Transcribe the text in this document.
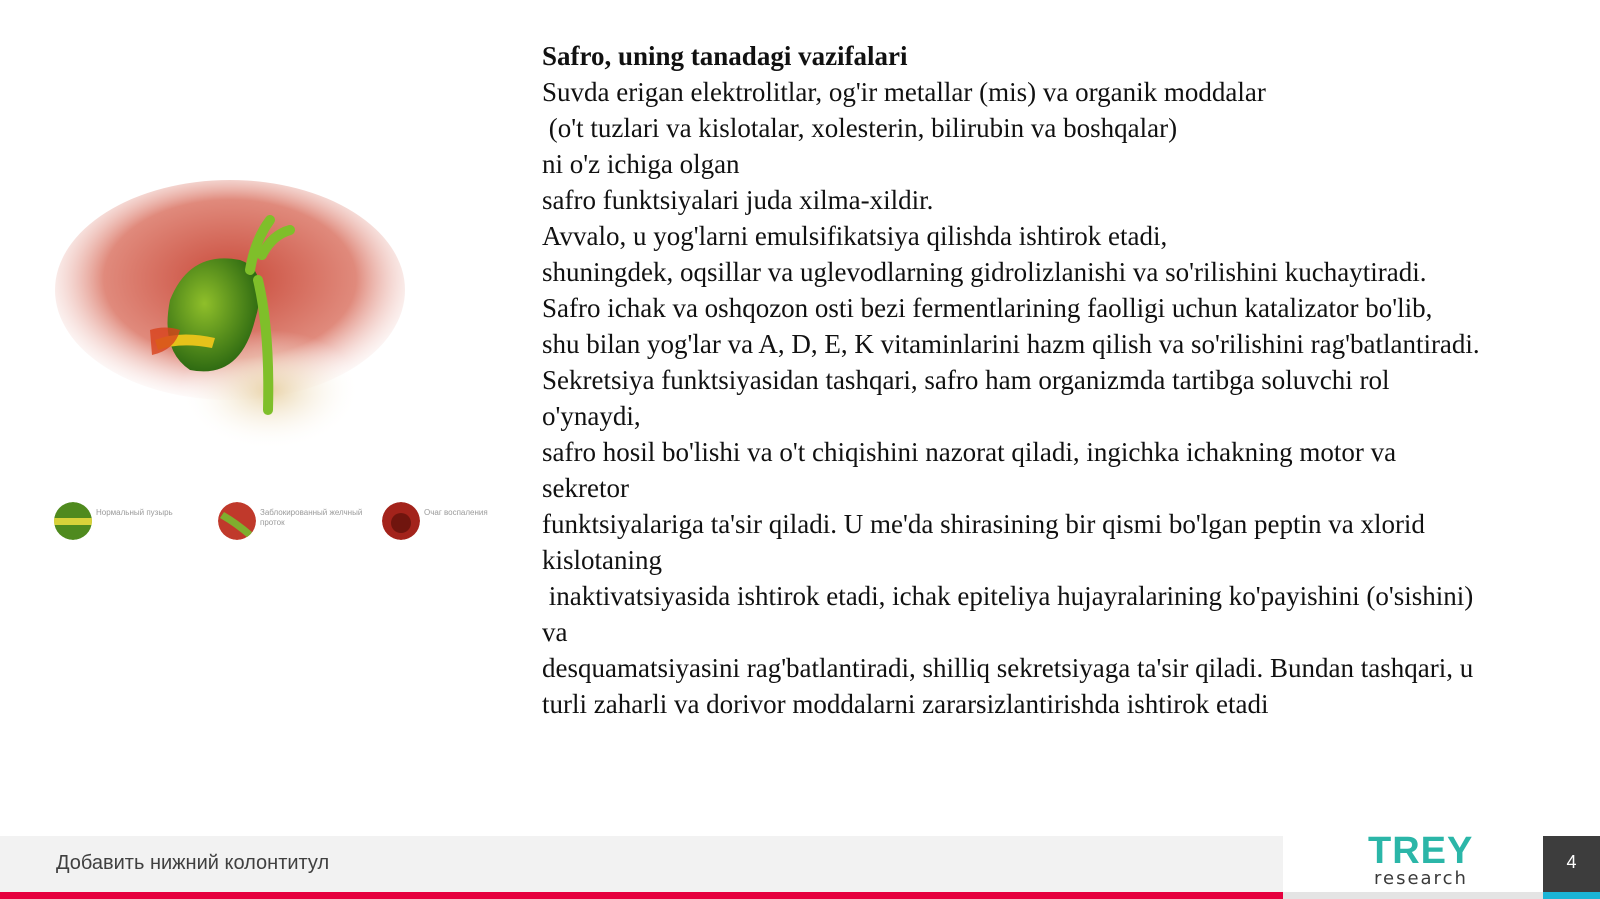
Нормальный пузырь	Заблокированный желчный проток
Очаг воспаления

Safro, uning tanadagi vazifalari

Suvda erigan elektrolitlar, og'ir metallar (mis) va organik moddalar

(o't tuzlari va kislotalar, xolesterin, bilirubin va boshqalar)

ni o'z ichiga olgan

safro funktsiyalari juda xilma-xildir.

Avvalo, u yog'larni emulsifikatsiya qilishda ishtirok etadi,

shuningdek, oqsillar va uglevodlarning gidrolizlanishi va so'rilishini kuchaytiradi.

Safro ichak va oshqozon osti bezi fermentlarining faolligi uchun katalizator bo'lib,

shu bilan yog'lar va A, D, E, K vitaminlarini hazm qilish va so'rilishini rag'batlantiradi.

Sekretsiya funktsiyasidan tashqari, safro ham organizmda tartibga soluvchi rol
o'ynaydi,

safro hosil bo'lishi va o't chiqishini nazorat qiladi, ingichka ichakning motor va
sekretor

funktsiyalariga ta'sir qiladi. U me'da shirasining bir qismi bo'lgan peptin va xlorid
kislotaning

inaktivatsiyasida ishtirok etadi, ichak epiteliya hujayralarining ko'payishini (o'sishini)
va

desquamatsiyasini rag'batlantiradi, shilliq sekretsiyaga ta'sir qiladi. Bundan tashqari, u

turli zaharli va dorivor moddalarni zararsizlantirishda ishtirok etadi

Добавить нижний колонтитул	TREY
research
4
